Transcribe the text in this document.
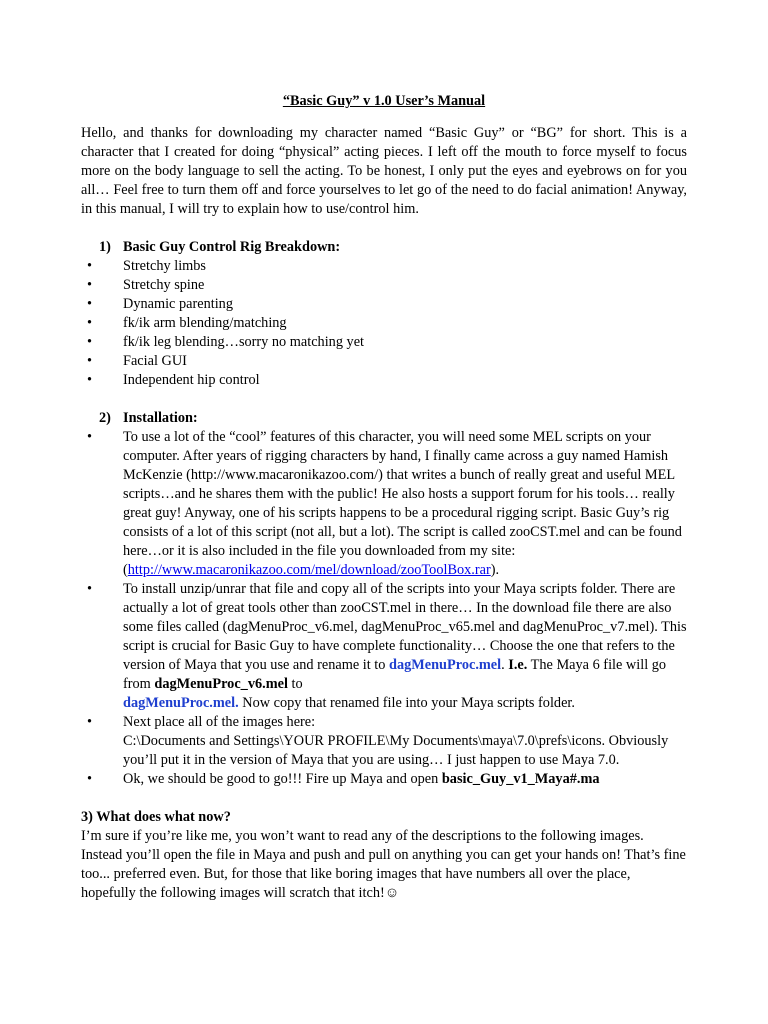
“Basic Guy” v 1.0 User’s Manual

Hello, and thanks for downloading my character named “Basic Guy” or “BG” for short. This is a character that I created for doing “physical” acting pieces. I left off the mouth to force myself to focus more on the body language to sell the acting. To be honest, I only put the eyes and eyebrows on for you all… Feel free to turn them off and force yourselves to let go of the need to do facial animation! Anyway, in this manual, I will try to explain how to use/control him.

1) Basic Guy Control Rig Breakdown:
•	Stretchy limbs
•	Stretchy spine
•	Dynamic parenting
•	fk/ik arm blending/matching
•	fk/ik leg blending…sorry no matching yet
•	Facial GUI
•	Independent hip control
2) Installation:
•	To use a lot of the “cool” features of this character, you will need some MEL scripts on your computer. After years of rigging characters by hand, I finally came across a guy named Hamish McKenzie (http://www.macaronikazoo.com/) that writes a bunch of really great and useful MEL scripts…and he shares them with the public! He also hosts a support forum for his tools… really great guy! Anyway, one of his scripts happens to be a procedural rigging script. Basic Guy’s rig consists of a lot of this script (not all, but a lot). The script is called zooCST.mel and can be found here…or it is also included in the file you downloaded from my site: (http://www.macaronikazoo.com/mel/download/zooToolBox.rar).
•	To install unzip/unrar that file and copy all of the scripts into your Maya scripts folder. There are actually a lot of great tools other than zooCST.mel in there… In the download file there are also some files called (dagMenuProc_v6.mel, dagMenuProc_v65.mel and dagMenuProc_v7.mel). This script is crucial for Basic Guy to have complete functionality… Choose the one that refers to the version of Maya that you use and rename it to dagMenuProc.mel. I.e. The Maya 6 file will go from dagMenuProc_v6.mel to
dagMenuProc.mel. Now copy that renamed file into your Maya scripts folder.
•	Next place all of the images here:
C:\Documents and Settings\YOUR PROFILE\My Documents\maya\7.0\prefs\icons. Obviously you’ll put it in the version of Maya that you are using… I just happen to use Maya 7.0.
•	Ok, we should be good to go!!! Fire up Maya and open basic_Guy_v1_Maya#.ma
3) What does what now?

I’m sure if you’re like me, you won’t want to read any of the descriptions to the following images. Instead you’ll open the file in Maya and push and pull on anything you can get your hands on! That’s fine too... preferred even. But, for those that like boring images that have numbers all over the place, hopefully the following images will scratch that itch!☺
